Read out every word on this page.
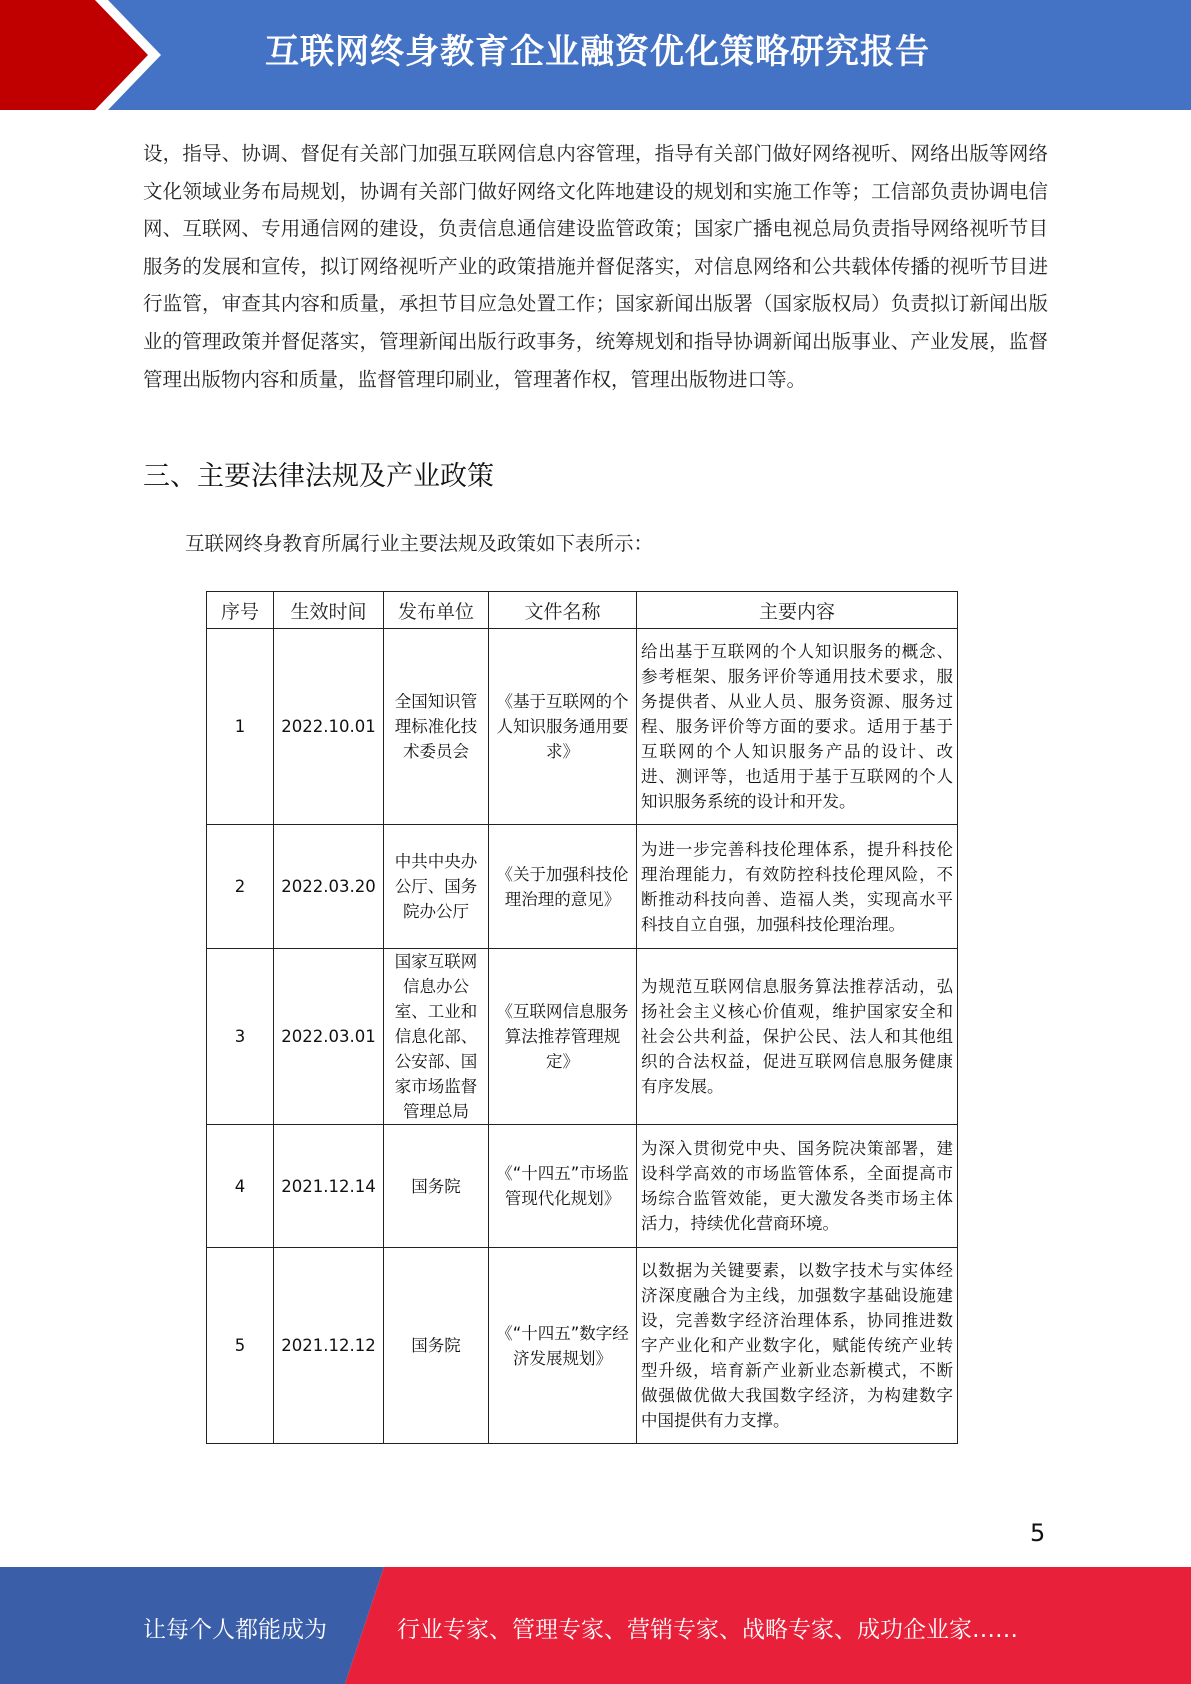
互联网终身教育企业融资优化策略研究报告
设，指导、协调、督促有关部门加强互联网信息内容管理，指导有关部门做好网络视听、网络出版等网络文化领域业务布局规划，协调有关部门做好网络文化阵地建设的规划和实施工作等；工信部负责协调电信网、互联网、专用通信网的建设，负责信息通信建设监管政策；国家广播电视总局负责指导网络视听节目服务的发展和宣传，拟订网络视听产业的政策措施并督促落实，对信息网络和公共载体传播的视听节目进行监管，审查其内容和质量，承担节目应急处置工作；国家新闻出版署（国家版权局）负责拟订新闻出版业的管理政策并督促落实，管理新闻出版行政事务，统筹规划和指导协调新闻出版事业、产业发展，监督管理出版物内容和质量，监督管理印刷业，管理著作权，管理出版物进口等。
三、主要法律法规及产业政策
互联网终身教育所属行业主要法规及政策如下表所示：
序号	生效时间	发布单位	文件名称	主要内容
1	2022.10.01	全国知识管理标准化技术委员会	《基于互联网的个人知识服务通用要求》	给出基于互联网的个人知识服务的概念、参考框架、服务评价等通用技术要求，服务提供者、从业人员、服务资源、服务过程、服务评价等方面的要求。适用于基于互联网的个人知识服务产品的设计、改进、测评等，也适用于基于互联网的个人知识服务系统的设计和开发。
2	2022.03.20	中共中央办公厅、国务院办公厅	《关于加强科技伦理治理的意见》	为进一步完善科技伦理体系，提升科技伦理治理能力，有效防控科技伦理风险，不断推动科技向善、造福人类，实现高水平科技自立自强，加强科技伦理治理。
3	2022.03.01	国家互联网信息办公室、工业和信息化部、公安部、国家市场监督管理总局	《互联网信息服务算法推荐管理规定》	为规范互联网信息服务算法推荐活动，弘扬社会主义核心价值观，维护国家安全和社会公共利益，保护公民、法人和其他组织的合法权益，促进互联网信息服务健康有序发展。
4	2021.12.14	国务院	《“十四五”市场监管现代化规划》	为深入贯彻党中央、国务院决策部署，建设科学高效的市场监管体系，全面提高市场综合监管效能，更大激发各类市场主体活力，持续优化营商环境。
5	2021.12.12	国务院	《“十四五”数字经济发展规划》	以数据为关键要素，以数字技术与实体经济深度融合为主线，加强数字基础设施建设，完善数字经济治理体系，协同推进数字产业化和产业数字化，赋能传统产业转型升级，培育新产业新业态新模式，不断做强做优做大我国数字经济，为构建数字中国提供有力支撑。
5
让每个人都能成为	行业专家、管理专家、营销专家、战略专家、成功企业家……
